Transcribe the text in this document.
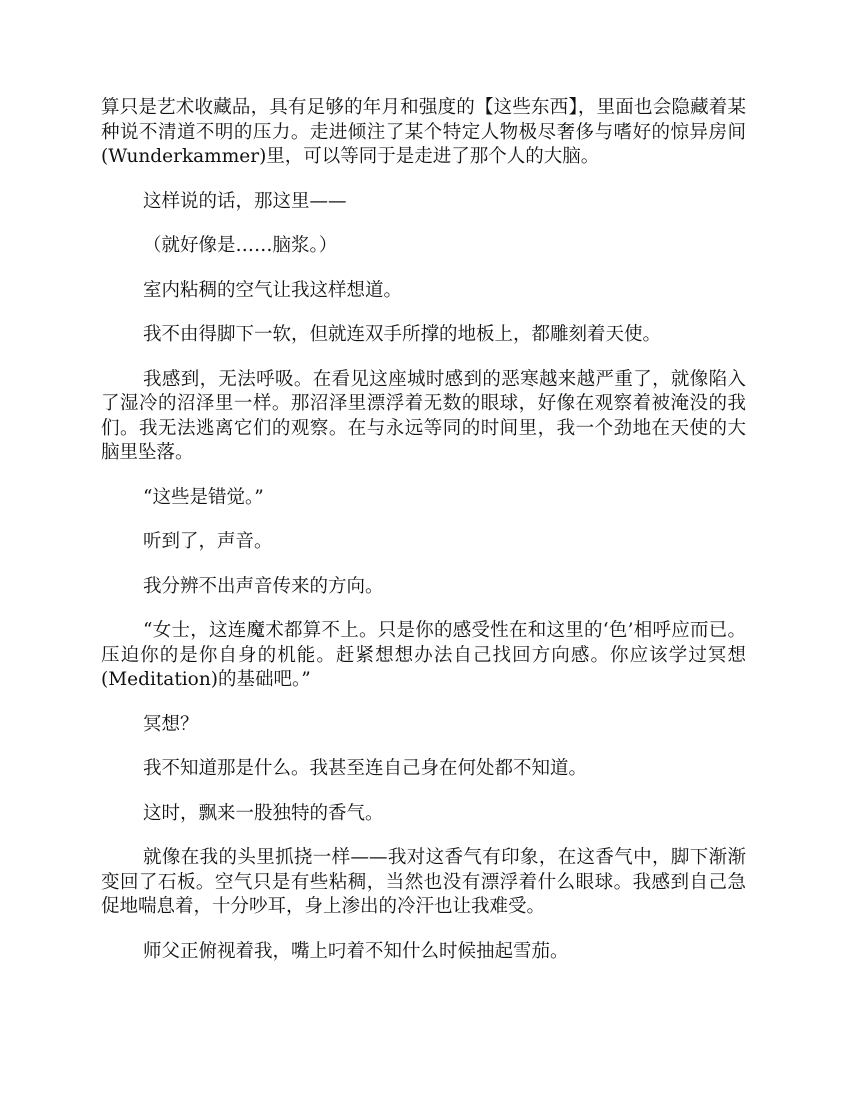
算只是艺术收藏品，具有足够的年月和强度的【这些东西】，里面也会隐藏着某种说不清道不明的压力。走进倾注了某个特定人物极尽奢侈与嗜好的惊异房间(Wunderkammer)里，可以等同于是走进了那个人的大脑。

这样说的话，那这里——

（就好像是……脑浆。）

室内粘稠的空气让我这样想道。

我不由得脚下一软，但就连双手所撑的地板上，都雕刻着天使。

我感到，无法呼吸。在看见这座城时感到的恶寒越来越严重了，就像陷入了湿冷的沼泽里一样。那沼泽里漂浮着无数的眼球，好像在观察着被淹没的我们。我无法逃离它们的观察。在与永远等同的时间里，我一个劲地在天使的大脑里坠落。

“这些是错觉。”

听到了，声音。

我分辨不出声音传来的方向。

“女士，这连魔术都算不上。只是你的感受性在和这里的‘色’相呼应而已。压迫你的是你自身的机能。赶紧想想办法自己找回方向感。你应该学过冥想(Meditation)的基础吧。”

冥想？

我不知道那是什么。我甚至连自己身在何处都不知道。

这时，飘来一股独特的香气。

就像在我的头里抓挠一样——我对这香气有印象，在这香气中，脚下渐渐变回了石板。空气只是有些粘稠，当然也没有漂浮着什么眼球。我感到自己急促地喘息着，十分吵耳，身上渗出的冷汗也让我难受。

师父正俯视着我，嘴上叼着不知什么时候抽起雪茄。
